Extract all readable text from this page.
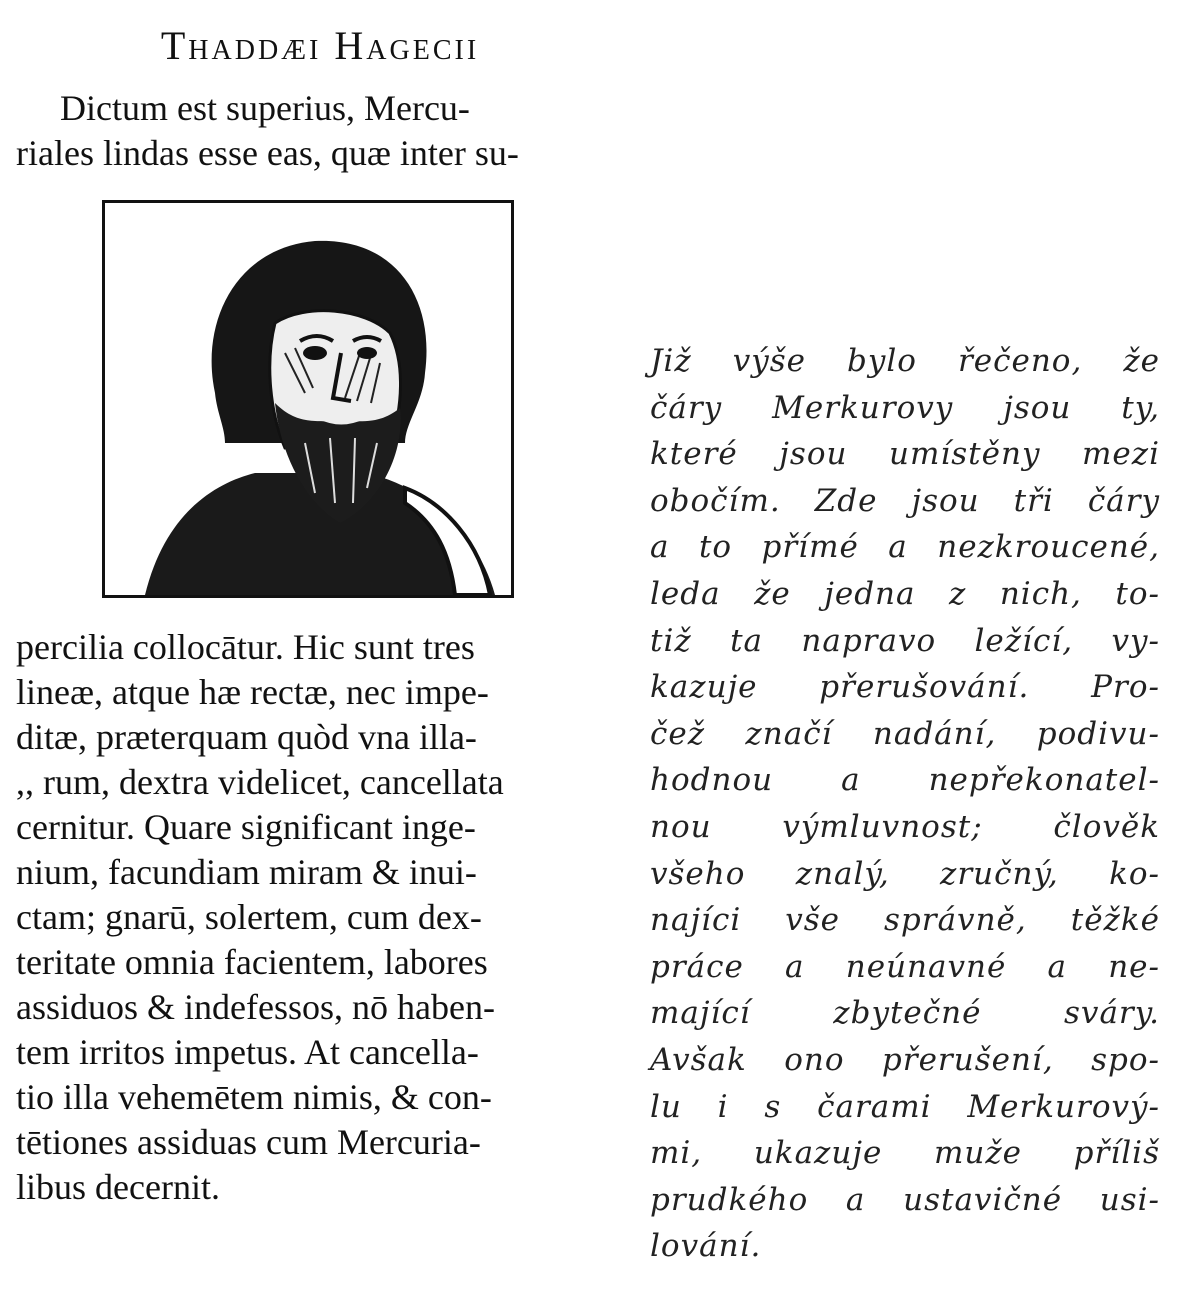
Thaddæi Hagecii
Dictum est superius, Mercu-
riales lindas esse eas, quæ inter su-
percilia collocātur. Hic sunt tres
lineæ, atque hæ rectæ, nec impe-
ditæ, præterquam quòd vna illa-
,, rum, dextra videlicet, cancellata
cernitur. Quare significant inge-
nium, facundiam miram & inui-
ctam; gnarū, solertem, cum dex-
teritate omnia facientem, labores
assiduos & indefessos, nō haben-
tem irritos impetus. At cancella-
tio illa vehemētem nimis, & con-
tētiones assiduas cum Mercuria-
libus decernit.
Již výše bylo řečeno, že
čáry Merkurovy jsou ty,
které jsou umístěny mezi
obočím. Zde jsou tři čáry
a to přímé a nezkroucené,
leda že jedna z nich, to-
tiž ta napravo ležící, vy-
kazuje přerušování. Pro-
čež značí nadání, podivu-
hodnou a nepřekonatel-
nou výmluvnost; člověk
všeho znalý, zručný, ko-
najíci vše správně, těžké
práce a neúnavné a ne-
mající zbytečné sváry.
Avšak ono přerušení, spo-
lu i s čarami Merkurový-
mi, ukazuje muže příliš
prudkého a ustavičné usi-
lování.
